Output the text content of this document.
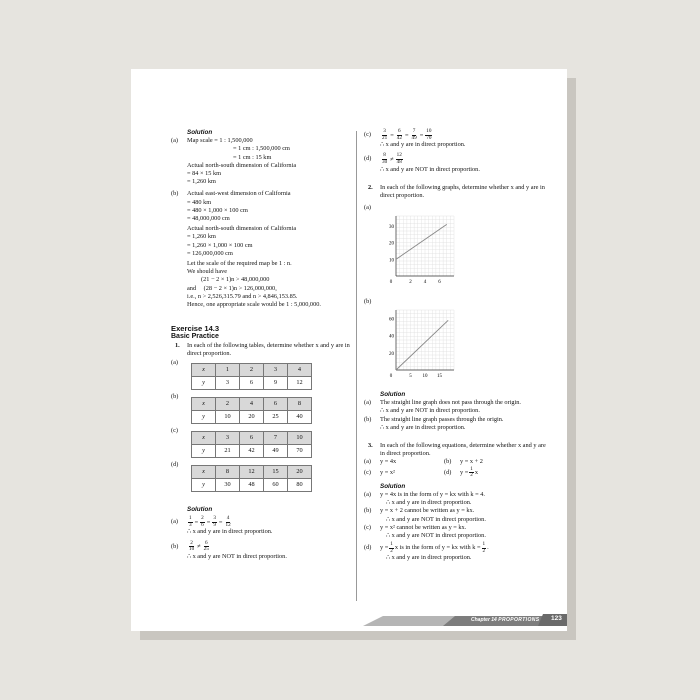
Solution
(a)	Map scale = 1 : 1,500,000
= 1 cm : 1,500,000 cm
= 1 cm : 15 km
Actual north-south dimension of California
= 84 × 15 km
= 1,260 km
(b)	Actual east-west dimension of California
= 480 km
= 480 × 1,000 × 100 cm
= 48,000,000 cm
Actual north-south dimension of California
= 1,260 km
= 1,260 × 1,000 × 100 cm
= 126,000,000 cm
Let the scale of the required map be 1 : n.
We should have
(21 − 2 × 1)n > 48,000,000
and (28 − 2 × 1)n > 126,000,000,
i.e., n > 2,526,315.79 and n > 4,846,153.85.
Hence, one appropriate scale would be 1 : 5,000,000.
Exercise 14.3
Basic Practice
1.	In each of the following tables, determine whether x and y are in direct proportion.
(a)
x	1	2	3	4
y	3	6	9	12
(b)
x	2	4	6	8
y	10	20	25	40
(c)
x	3	6	7	10
y	21	42	49	70
(d)
x	8	12	15	20
y	30	48	60	80
Solution
(a)	$\frac{1}{3} = \frac{2}{6} = \frac{3}{9} = \frac{4}{12}$
∴ x and y are in direct proportion.
(b)	$\frac{2}{10} \ne \frac{6}{25}$
∴ x and y are NOT in direct proportion.
(c)	$\frac{3}{21} = \frac{6}{42} = \frac{7}{49} = \frac{10}{70}$
∴ x and y are in direct proportion.
(d)	$\frac{8}{30} \ne \frac{12}{48}$
∴ x and y are NOT in direct proportion.
2.	In each of the following graphs, determine whether x and y are in direct proportion.
(a)
0	2 4 6
10
20
30
(b)
0	5 10 15
20
40
60
Solution
(a)	The straight line graph does not pass through the origin.
∴ x and y are NOT in direct proportion.
(b)	The straight line graph passes through the origin.
∴ x and y are in direct proportion.
3.	In each of the following equations, determine whether x and y are in direct proportion.
(a)	y = 4x	(b)	y = x + 2
(c)	y = x²	(d)	$y = \frac{1}{2}$ x
Solution
(a)	y = 4x is in the form of y = kx with k = 4.
∴ x and y are in direct proportion.
(b)	y = x + 2 cannot be written as y = kx.
∴ x and y are NOT in direct proportion.
(c)	y = x² cannot be written as y = kx.
∴ x and y are NOT in direct proportion.
(d)	$y = \frac{1}{2}$ x is in the form of y = kx with $k = \frac{1}{2}$ .
∴ x and y are in direct proportion.
Chapter 14 PROPORTIONS 123
